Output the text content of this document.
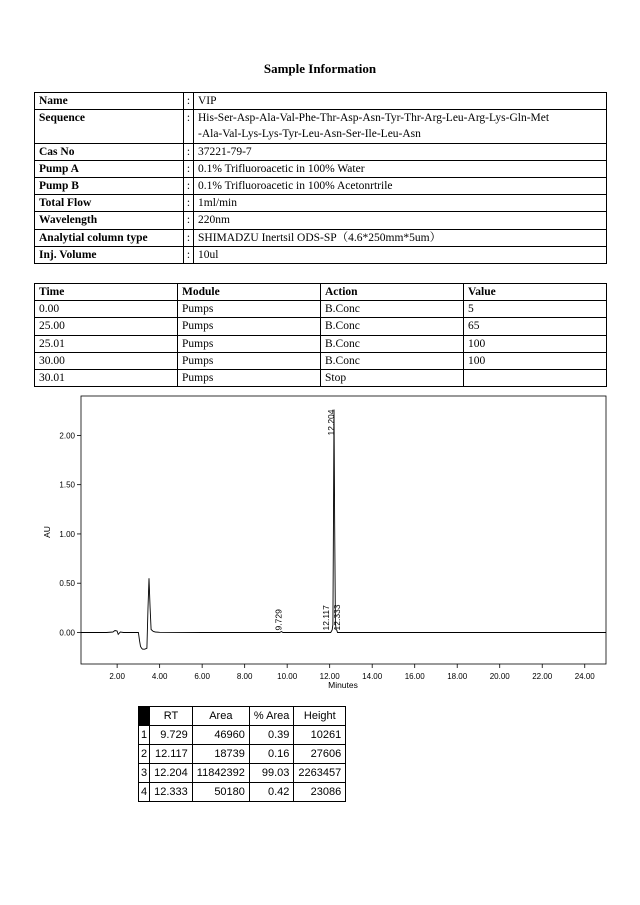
Sample Information
Name	:	VIP

Sequence	:	His-Ser-Asp-Ala-Val-Phe-Thr-Asp-Asn-Tyr-Thr-Arg-Leu-Arg-Lys-Gln-Met
-Ala-Val-Lys-Lys-Tyr-Leu-Asn-Ser-Ile-Leu-Asn

Cas No	:	37221-79-7

Pump A	:	0.1% Trifluoroacetic in 100% Water

Pump B	:	0.1% Trifluoroacetic in 100% Acetonrtrile

Total Flow	:	1ml/min

Wavelength	:	220nm

Analytial column type	:	SHIMADZU Inertsil ODS-SP（4.6*250mm*5um）

Inj. Volume	:	10ul
Time	Module	Action	Value
0.00	Pumps	B.Conc	5
25.00	Pumps	B.Conc	65
25.01	Pumps	B.Conc	100
30.00	Pumps	B.Conc	100
30.01	Pumps	Stop	
0.00
0.50
1.00
1.50
2.00
2.00	4.00	6.00	8.00	10.00	12.00	14.00	16.00	18.00	20.00	22.00	24.00
AU
Minutes
9.729	12.117
12.204
12.333
	RT	Area	% Area	Height
1	9.729	46960	0.39	10261
2	12.117	18739	0.16	27606
3	12.204	11842392	99.03	2263457
4	12.333	50180	0.42	23086
